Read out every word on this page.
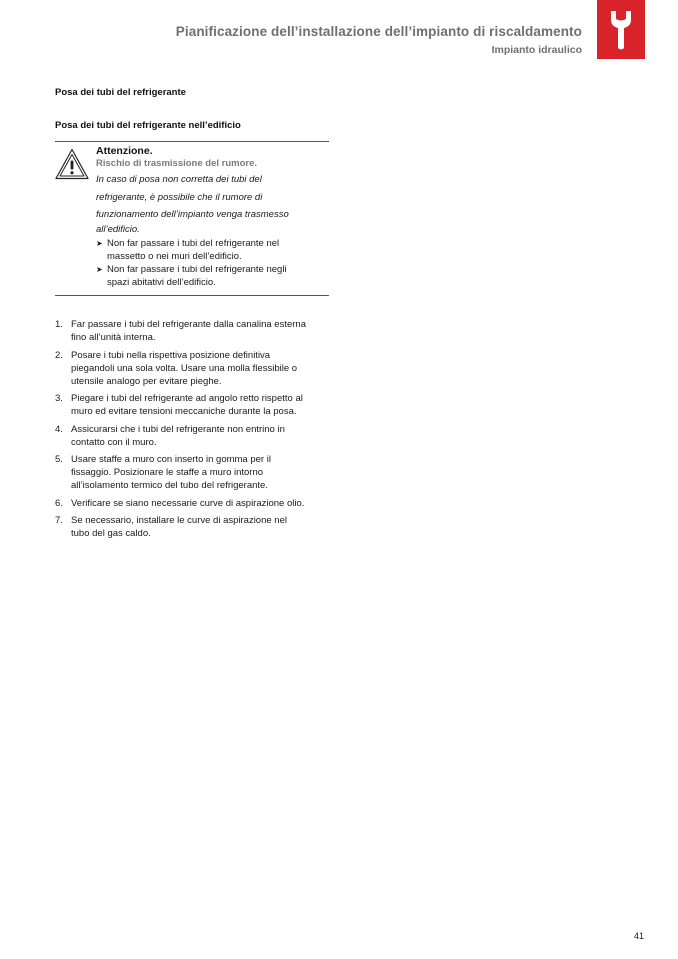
Pianificazione dell’installazione dell’impianto di riscaldamento
Impianto idraulico
Posa dei tubi del refrigerante
Posa dei tubi del refrigerante nell’edificio
Attenzione.
Rischio di trasmissione del rumore.
In caso di posa non corretta dei tubi del
refrigerante, è possibile che il rumore di
funzionamento dell’impianto venga trasmesso
all’edificio.
➤ Non far passare i tubi del refrigerante nel
massetto o nei muri dell’edificio.
➤ Non far passare i tubi del refrigerante negli
spazi abitativi dell’edificio.
1. Far passare i tubi del refrigerante dalla canalina esterna
fino all’unità interna.
2. Posare i tubi nella rispettiva posizione definitiva
piegandoli una sola volta. Usare una molla flessibile o
utensile analogo per evitare pieghe.
3. Piegare i tubi del refrigerante ad angolo retto rispetto al
muro ed evitare tensioni meccaniche durante la posa.
4. Assicurarsi che i tubi del refrigerante non entrino in
contatto con il muro.
5. Usare staffe a muro con inserto in gomma per il
fissaggio. Posizionare le staffe a muro intorno
all’isolamento termico del tubo del refrigerante.
6. Verificare se siano necessarie curve di aspirazione olio.
7. Se necessario, installare le curve di aspirazione nel
tubo del gas caldo.
41
